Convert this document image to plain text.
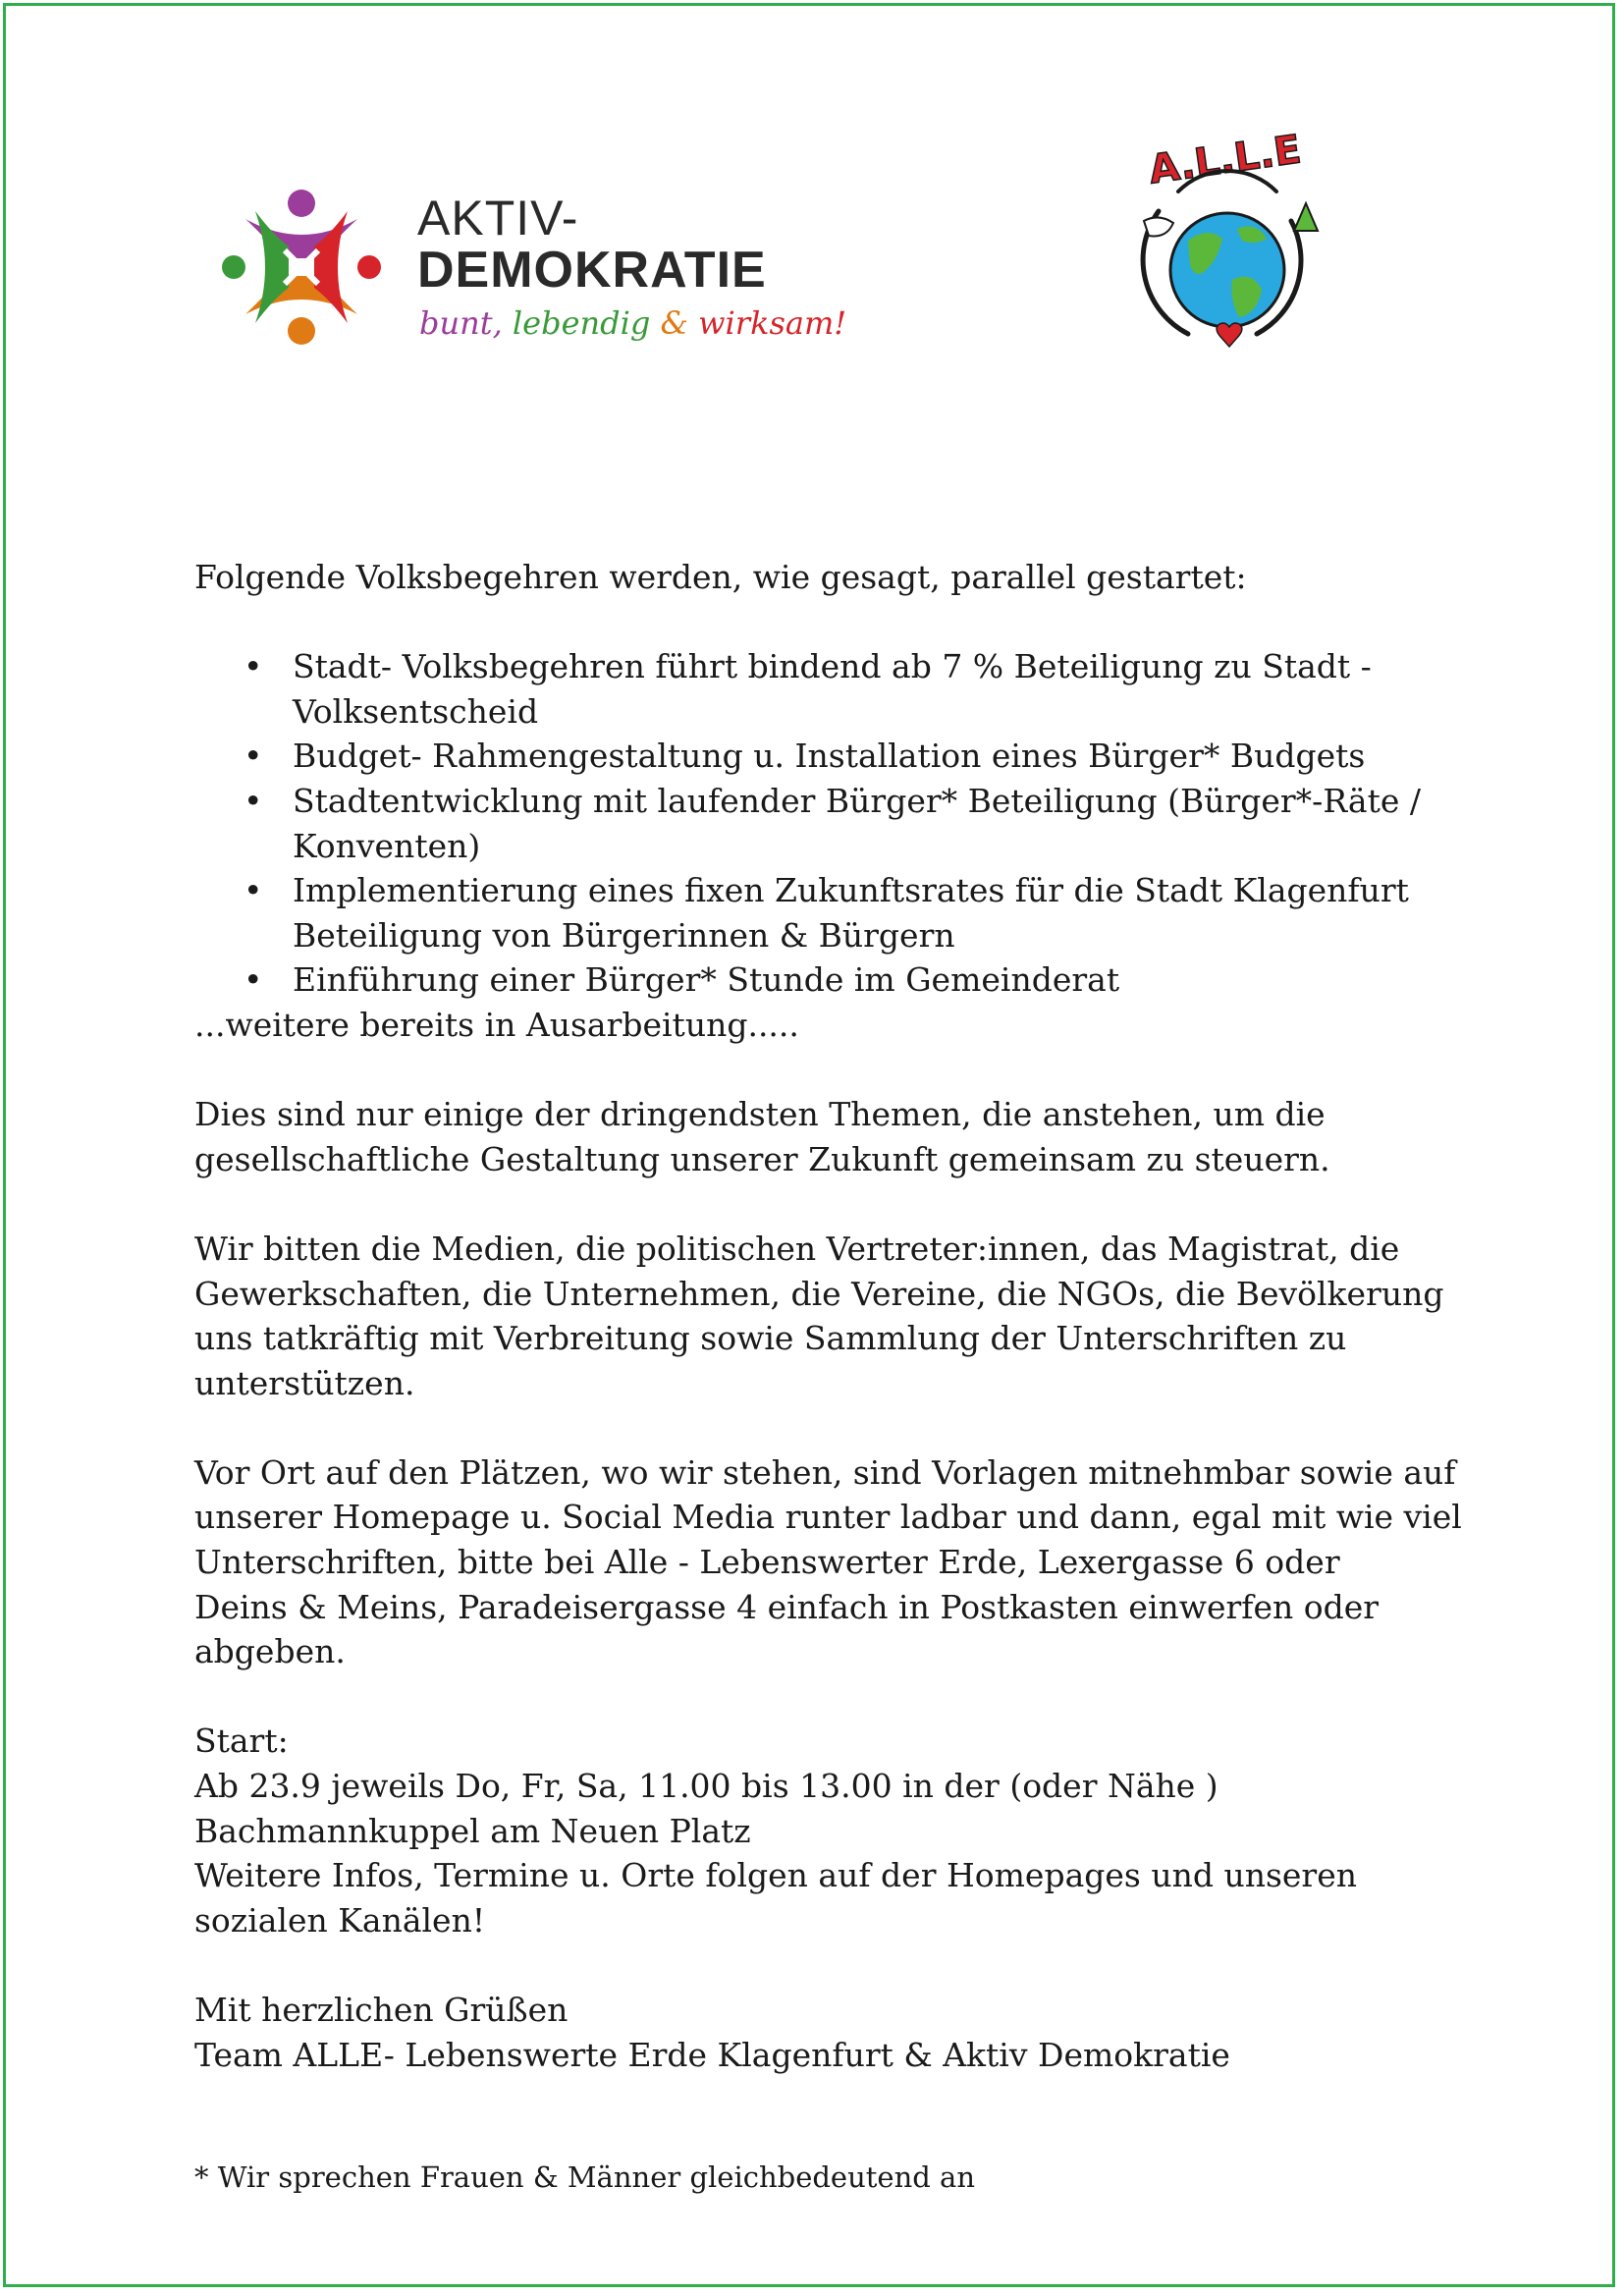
AKTIV-
DEMOKRATIE
bunt, lebendig & wirksam!
A.L.L.E

Folgende Volksbegehren werden, wie gesagt, parallel gestartet:

• Stadt- Volksbegehren führt bindend ab 7 % Beteiligung zu Stadt -
Volksentscheid
• Budget- Rahmengestaltung u. Installation eines Bürger* Budgets
• Stadtentwicklung mit laufender Bürger* Beteiligung (Bürger*-Räte /
Konventen)
• Implementierung eines fixen Zukunftsrates für die Stadt Klagenfurt
Beteiligung von Bürgerinnen & Bürgern
• Einführung einer Bürger* Stunde im Gemeinderat

...weitere bereits in Ausarbeitung.....

Dies sind nur einige der dringendsten Themen, die anstehen, um die
gesellschaftliche Gestaltung unserer Zukunft gemeinsam zu steuern.

Wir bitten die Medien, die politischen Vertreter:innen, das Magistrat, die
Gewerkschaften, die Unternehmen, die Vereine, die NGOs, die Bevölkerung
uns tatkräftig mit Verbreitung sowie Sammlung der Unterschriften zu
unterstützen.

Vor Ort auf den Plätzen, wo wir stehen, sind Vorlagen mitnehmbar sowie auf
unserer Homepage u. Social Media runter ladbar und dann, egal mit wie viel
Unterschriften, bitte bei Alle - Lebenswerter Erde, Lexergasse 6 oder
Deins & Meins, Paradeisergasse 4 einfach in Postkasten einwerfen oder
abgeben.

Start:
Ab 23.9 jeweils Do, Fr, Sa, 11.00 bis 13.00 in der (oder Nähe )
Bachmannkuppel am Neuen Platz
Weitere Infos, Termine u. Orte folgen auf der Homepages und unseren
sozialen Kanälen!

Mit herzlichen Grüßen
Team ALLE- Lebenswerte Erde Klagenfurt & Aktiv Demokratie

* Wir sprechen Frauen & Männer gleichbedeutend an
